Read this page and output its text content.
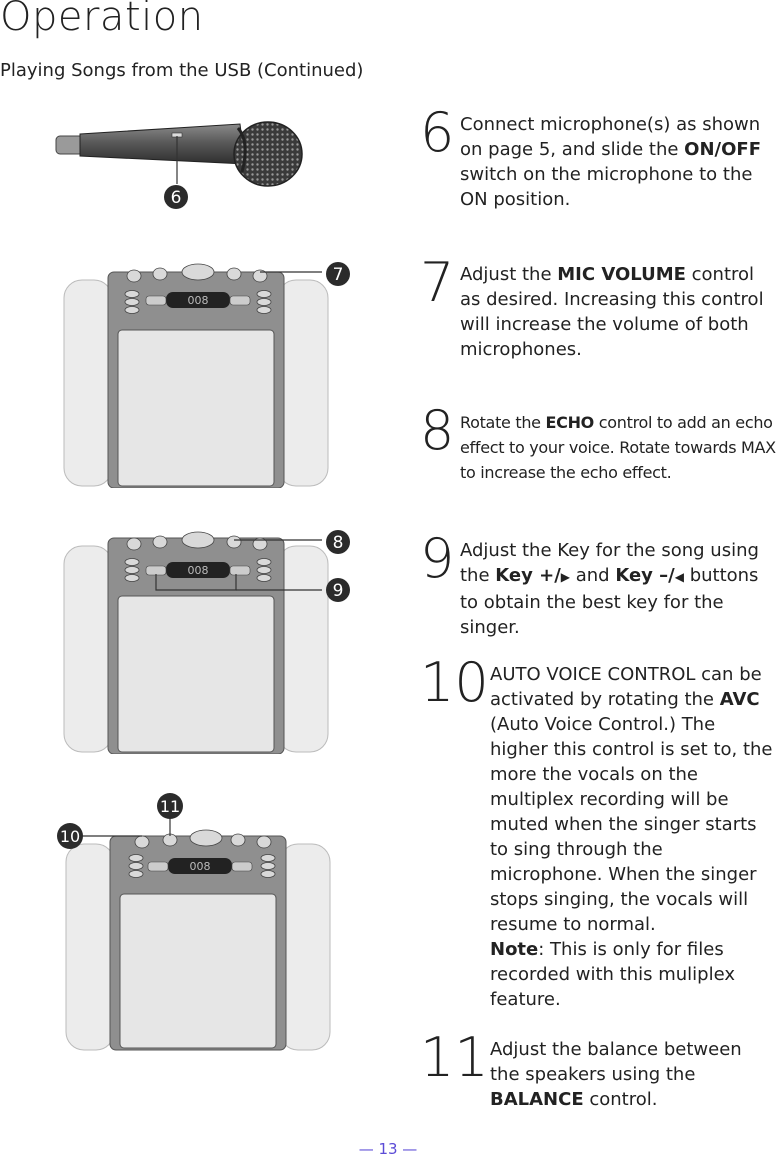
Operation
Playing Songs from the USB (Continued)
6
008
7
008
8
9
008
10
11
6 Connect microphone(s) as shown on page 5, and slide the ON/OFF switch on the microphone to the ON position.
7 Adjust the MIC VOLUME control as desired. Increasing this control will increase the volume of both microphones.
8 Rotate the ECHO control to add an echo effect to your voice. Rotate towards MAX to increase the echo effect.
9 Adjust the Key for the song using the Key +/▶ and Key –/◀ buttons to obtain the best key for the singer.
10 AUTO VOICE CONTROL can be activated by rotating the AVC (Auto Voice Control.) The higher this control is set to, the more the vocals on the multiplex recording will be muted when the singer starts to sing through the microphone. When the singer stops singing, the vocals will resume to normal.
Note: This is only for files recorded with this muliplex feature.
11 Adjust the balance between the speakers using the BALANCE control.
— 13 —
